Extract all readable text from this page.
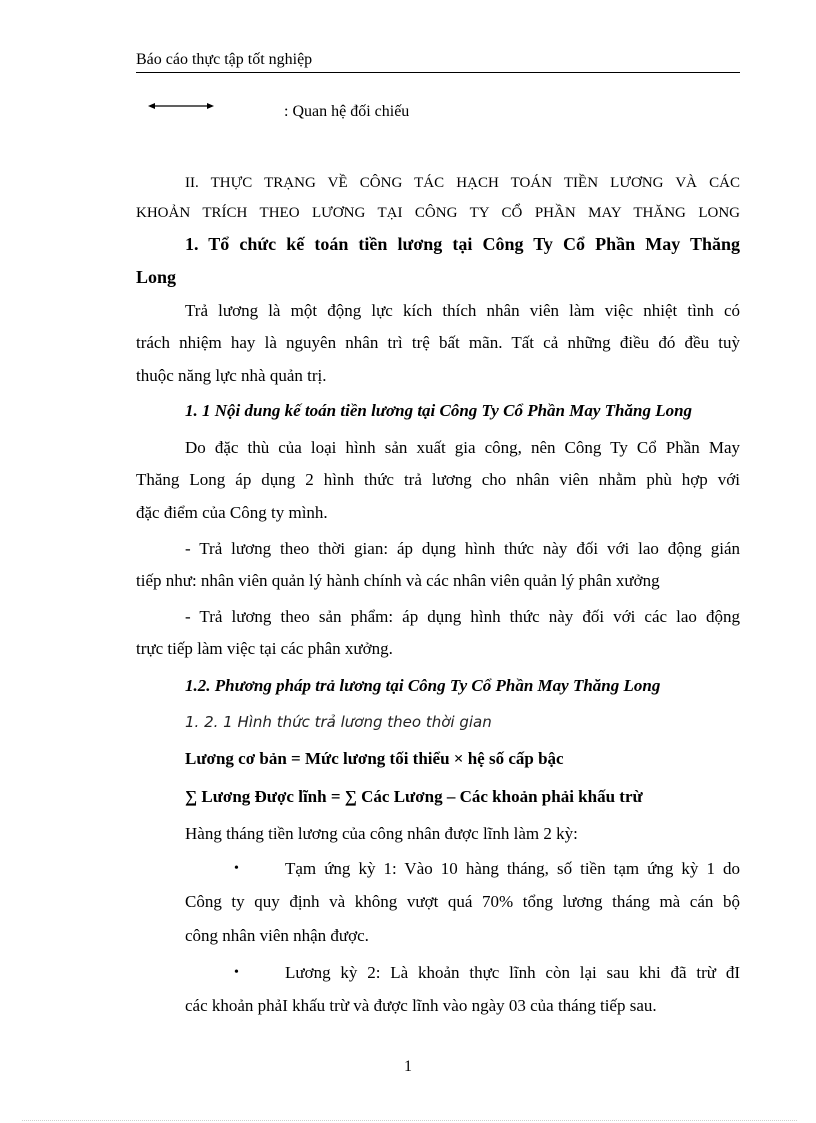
Báo cáo thực tập tốt nghiệp
: Quan hệ đối chiếu
II. THỰC TRẠNG VỀ CÔNG TÁC HẠCH TOÁN TIỀN LƯƠNG VÀ CÁC
KHOẢN TRÍCH THEO LƯƠNG TẠI CÔNG TY CỔ PHẦN MAY THĂNG LONG
1. Tổ chức kế toán tiền lương tại Công Ty Cổ Phần May Thăng
Long
Trả lương là một động lực kích thích nhân viên làm việc nhiệt tình có
trách nhiệm hay là nguyên nhân trì trệ bất mãn. Tất cả những điều đó đều tuỳ
thuộc năng lực nhà quản trị.
1. 1 Nội dung kế toán tiền lương tại Công Ty Cổ Phần May Thăng Long
Do đặc thù của loại hình sản xuất gia công, nên Công Ty Cổ Phần May
Thăng Long áp dụng 2 hình thức trả lương cho nhân viên nhằm phù hợp với
đặc điểm của Công ty mình.
- Trả lương theo thời gian: áp dụng hình thức này đối với lao động gián
tiếp như: nhân viên quản lý hành chính và các nhân viên quản lý phân xưởng
- Trả lương theo sản phẩm: áp dụng hình thức này đối với các lao động
trực tiếp làm việc tại các phân xưởng.
1.2. Phương pháp trả lương tại Công Ty Cổ Phần May Thăng Long
1. 2. 1 Hình thức trả lương theo thời gian
Lương cơ bản = Mức lương tối thiểu × hệ số cấp bậc
∑ Lương Được lĩnh = ∑ Các Lương – Các khoản phải khấu trừ
Hàng tháng tiền lương của công nhân được lĩnh làm 2 kỳ:
•	Tạm ứng kỳ 1: Vào 10 hàng tháng, số tiền tạm ứng kỳ 1 do
Công ty quy định và không vượt quá 70% tổng lương tháng mà cán bộ
công nhân viên nhận được.
•	Lương kỳ 2: Là khoản thực lĩnh còn lại sau khi đã trừ đI
các khoản phảI khấu trừ và được lĩnh vào ngày 03 của tháng tiếp sau.
1
